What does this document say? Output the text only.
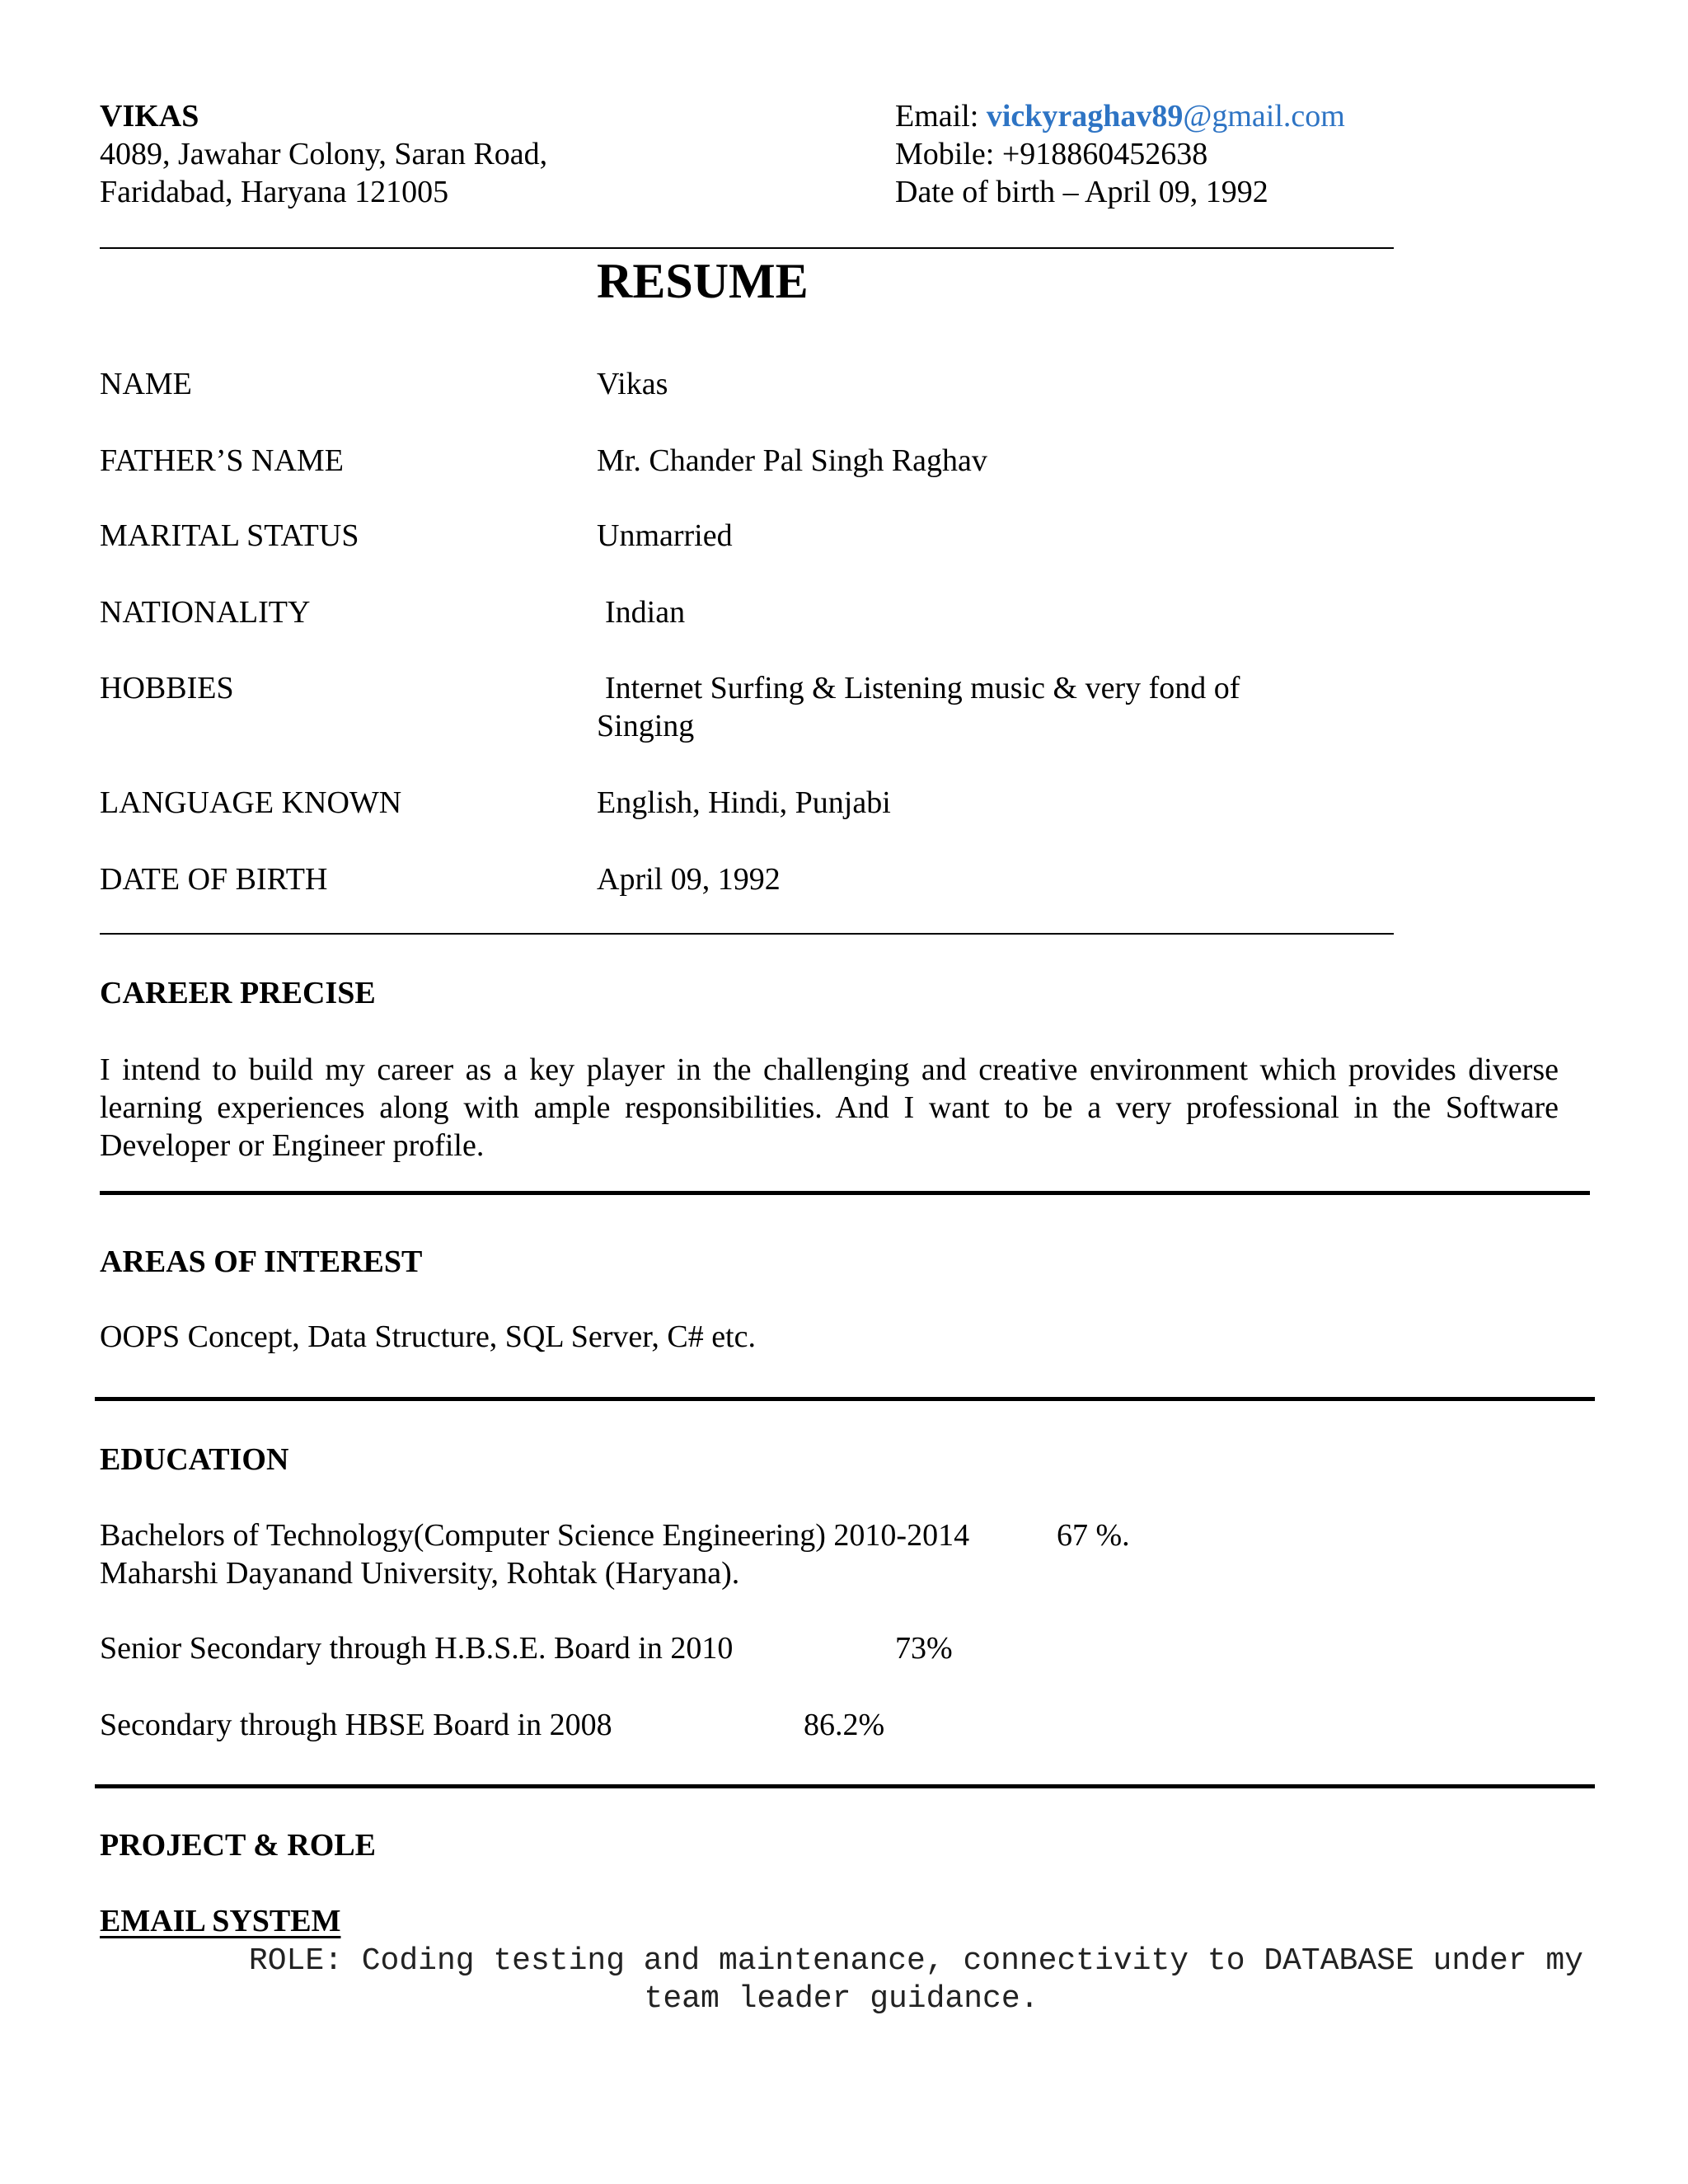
VIKAS
4089, Jawahar Colony, Saran Road,
Faridabad, Haryana 121005
Email: vickyraghav89@gmail.com
Mobile: +918860452638
Date of birth – April 09, 1992
RESUME
NAME	Vikas
FATHER’S NAME	Mr. Chander Pal Singh Raghav
MARITAL STATUS	Unmarried
NATIONALITY	Indian
HOBBIES	Internet Surfing & Listening music & very fond of
Singing
LANGUAGE KNOWN	English, Hindi, Punjabi
DATE OF BIRTH	April 09, 1992
CAREER PRECISE
I intend to build my career as a key player in the challenging and creative environment which provides diverse learning experiences along with ample responsibilities. And I want to be a very professional in the Software Developer or Engineer profile.
AREAS OF INTEREST
OOPS Concept, Data Structure, SQL Server, C# etc.
EDUCATION
Bachelors of Technology(Computer Science Engineering) 2010-2014	67 %.
Maharshi Dayanand University, Rohtak (Haryana).
Senior Secondary through H.B.S.E. Board in 2010	73%
Secondary through HBSE Board in 2008	86.2%
PROJECT & ROLE
EMAIL SYSTEM
ROLE: Coding testing and maintenance, connectivity to DATABASE under my
team leader guidance.
